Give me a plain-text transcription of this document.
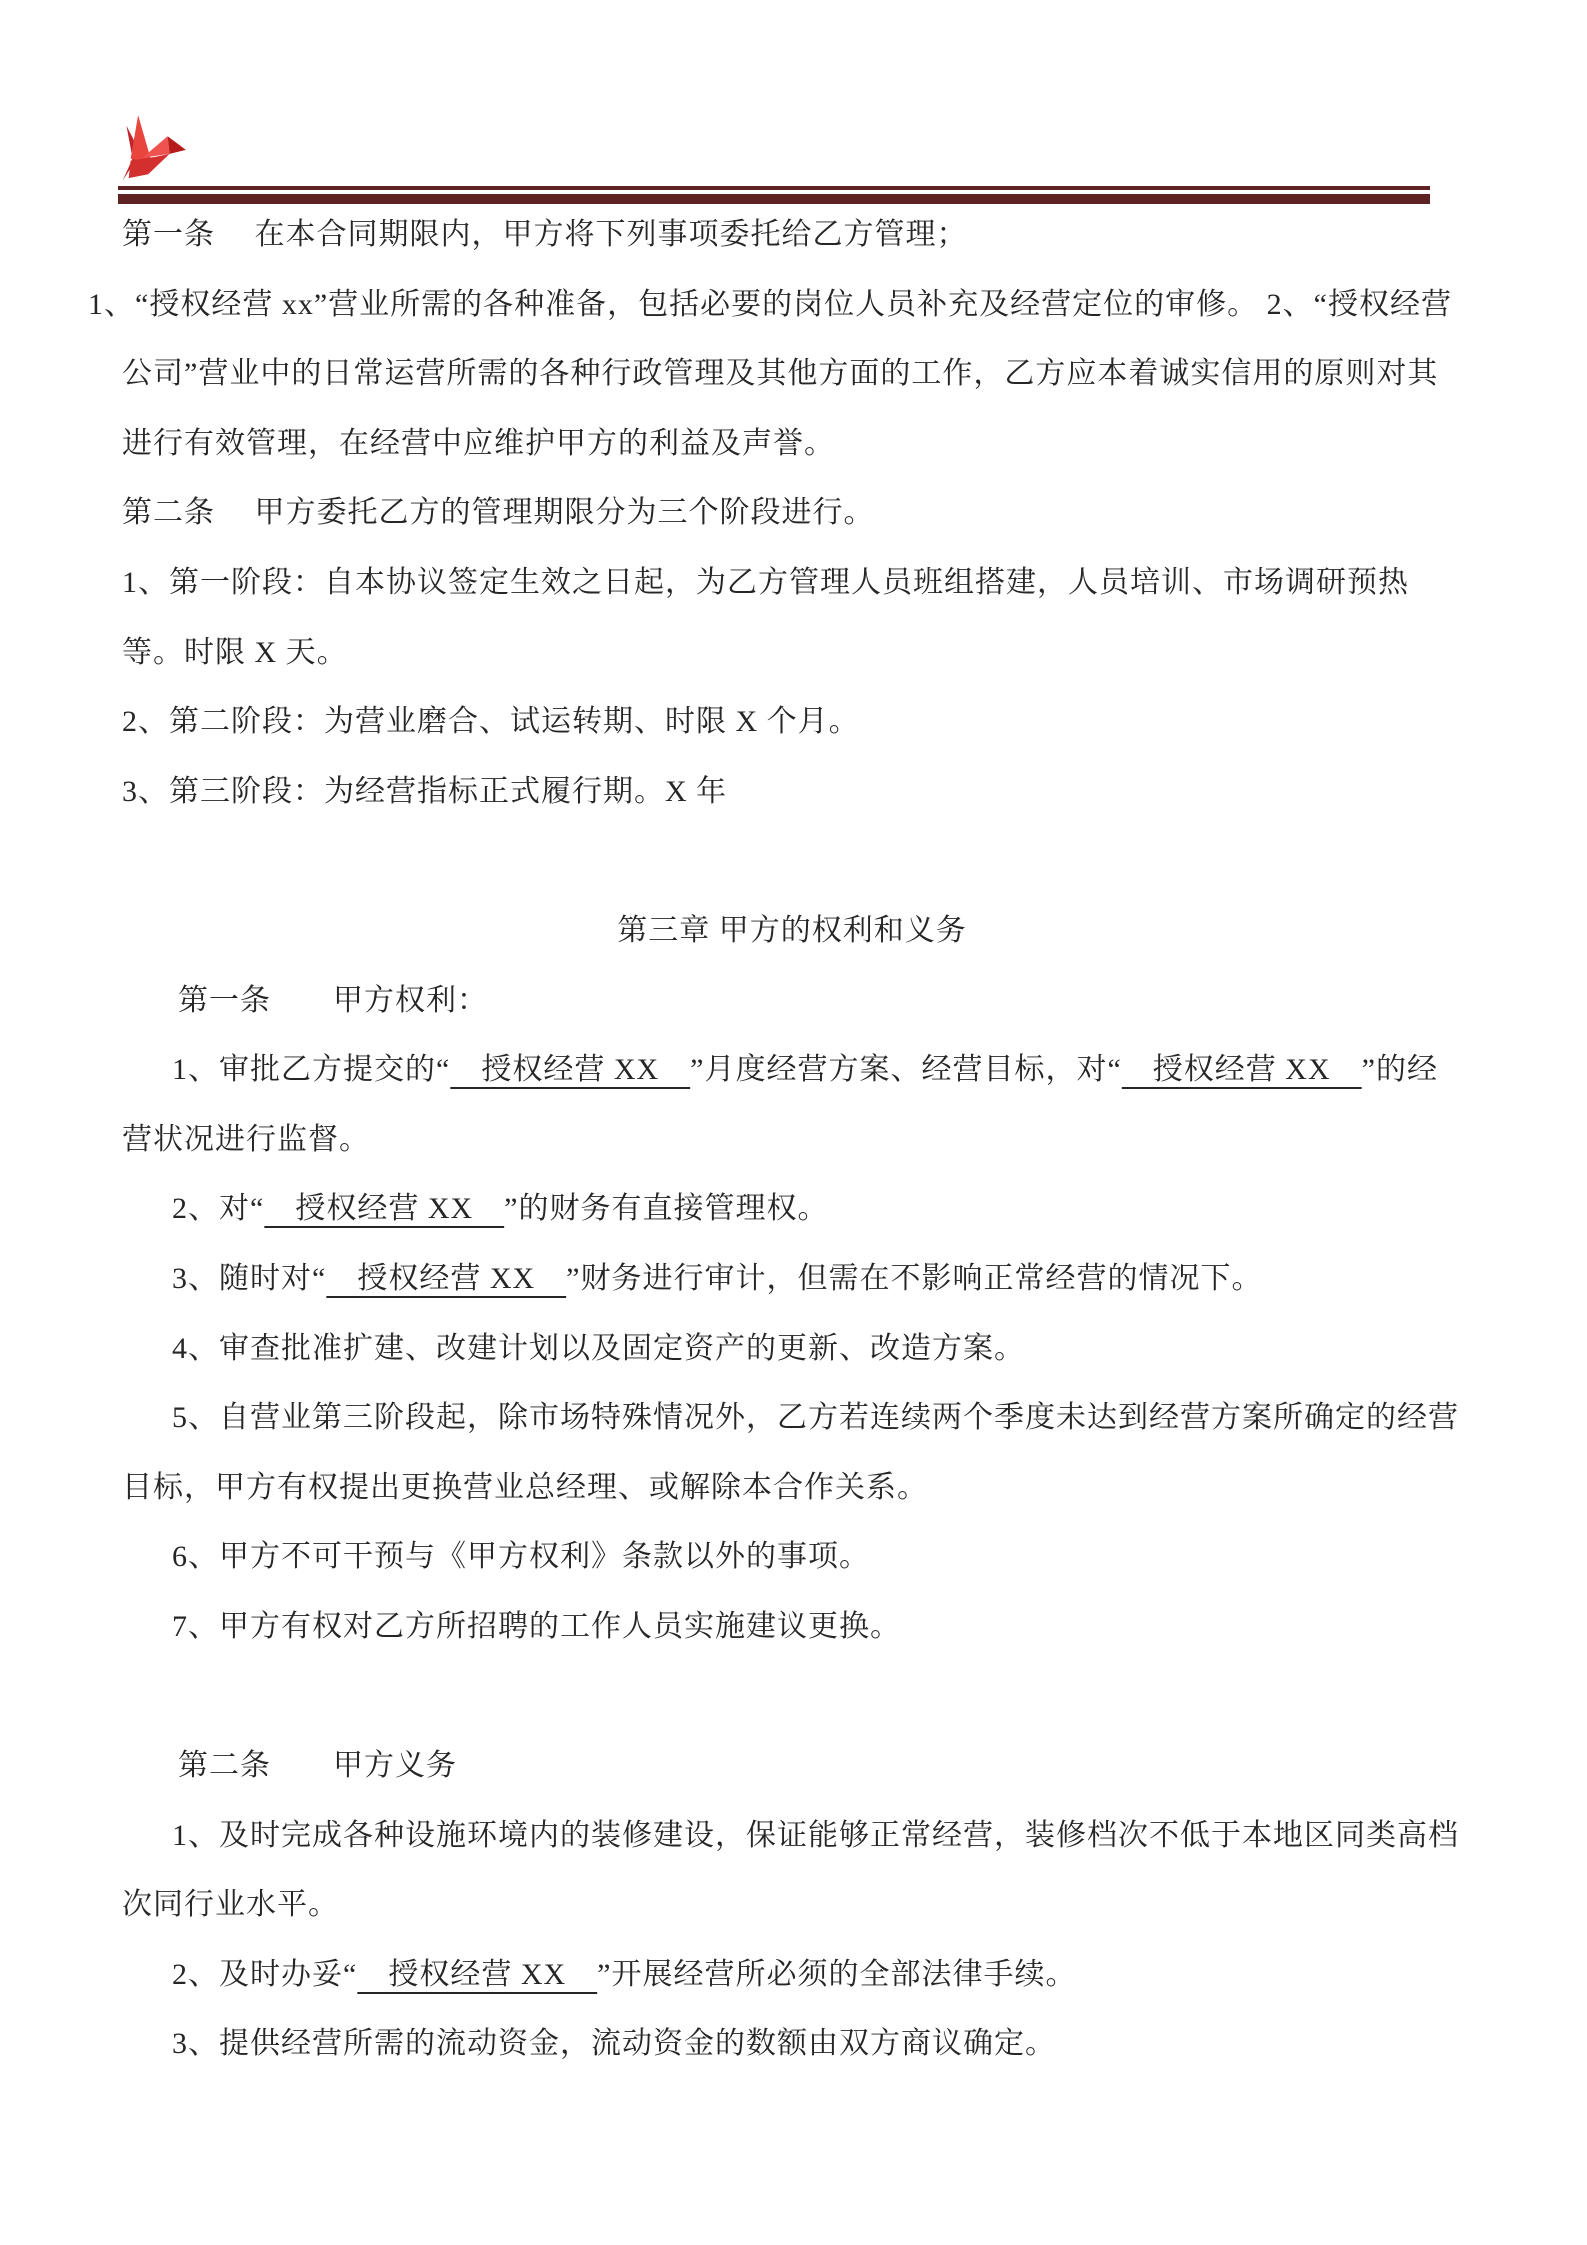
第一条　 在本合同期限内，甲方将下列事项委托给乙方管理；

1、“授权经营 xx”营业所需的各种准备，包括必要的岗位人员补充及经营定位的审修。 2、“授权经营公司”营业中的日常运营所需的各种行政管理及其他方面的工作，乙方应本着诚实信用的原则对其进行有效管理，在经营中应维护甲方的利益及声誉。

第二条　 甲方委托乙方的管理期限分为三个阶段进行。

1、第一阶段：自本协议签定生效之日起，为乙方管理人员班组搭建，人员培训、市场调研预热等。时限 X 天。

2、第二阶段：为营业磨合、试运转期、时限 X 个月。

3、第三阶段：为经营指标正式履行期。X 年

第三章 甲方的权利和义务

第一条　　甲方权利：

1、审批乙方提交的“　授权经营 XX　”月度经营方案、经营目标，对“　授权经营 XX　”的经营状况进行监督。

2、对“　授权经营 XX　”的财务有直接管理权。

3、随时对“　授权经营 XX　”财务进行审计，但需在不影响正常经营的情况下。

4、审查批准扩建、改建计划以及固定资产的更新、改造方案。

5、自营业第三阶段起，除市场特殊情况外，乙方若连续两个季度未达到经营方案所确定的经营目标，甲方有权提出更换营业总经理、或解除本合作关系。

6、甲方不可干预与《甲方权利》条款以外的事项。

7、甲方有权对乙方所招聘的工作人员实施建议更换。

第二条　　甲方义务

1、及时完成各种设施环境内的装修建设，保证能够正常经营，装修档次不低于本地区同类高档次同行业水平。

2、及时办妥“　授权经营 XX　”开展经营所必须的全部法律手续。

3、提供经营所需的流动资金，流动资金的数额由双方商议确定。
